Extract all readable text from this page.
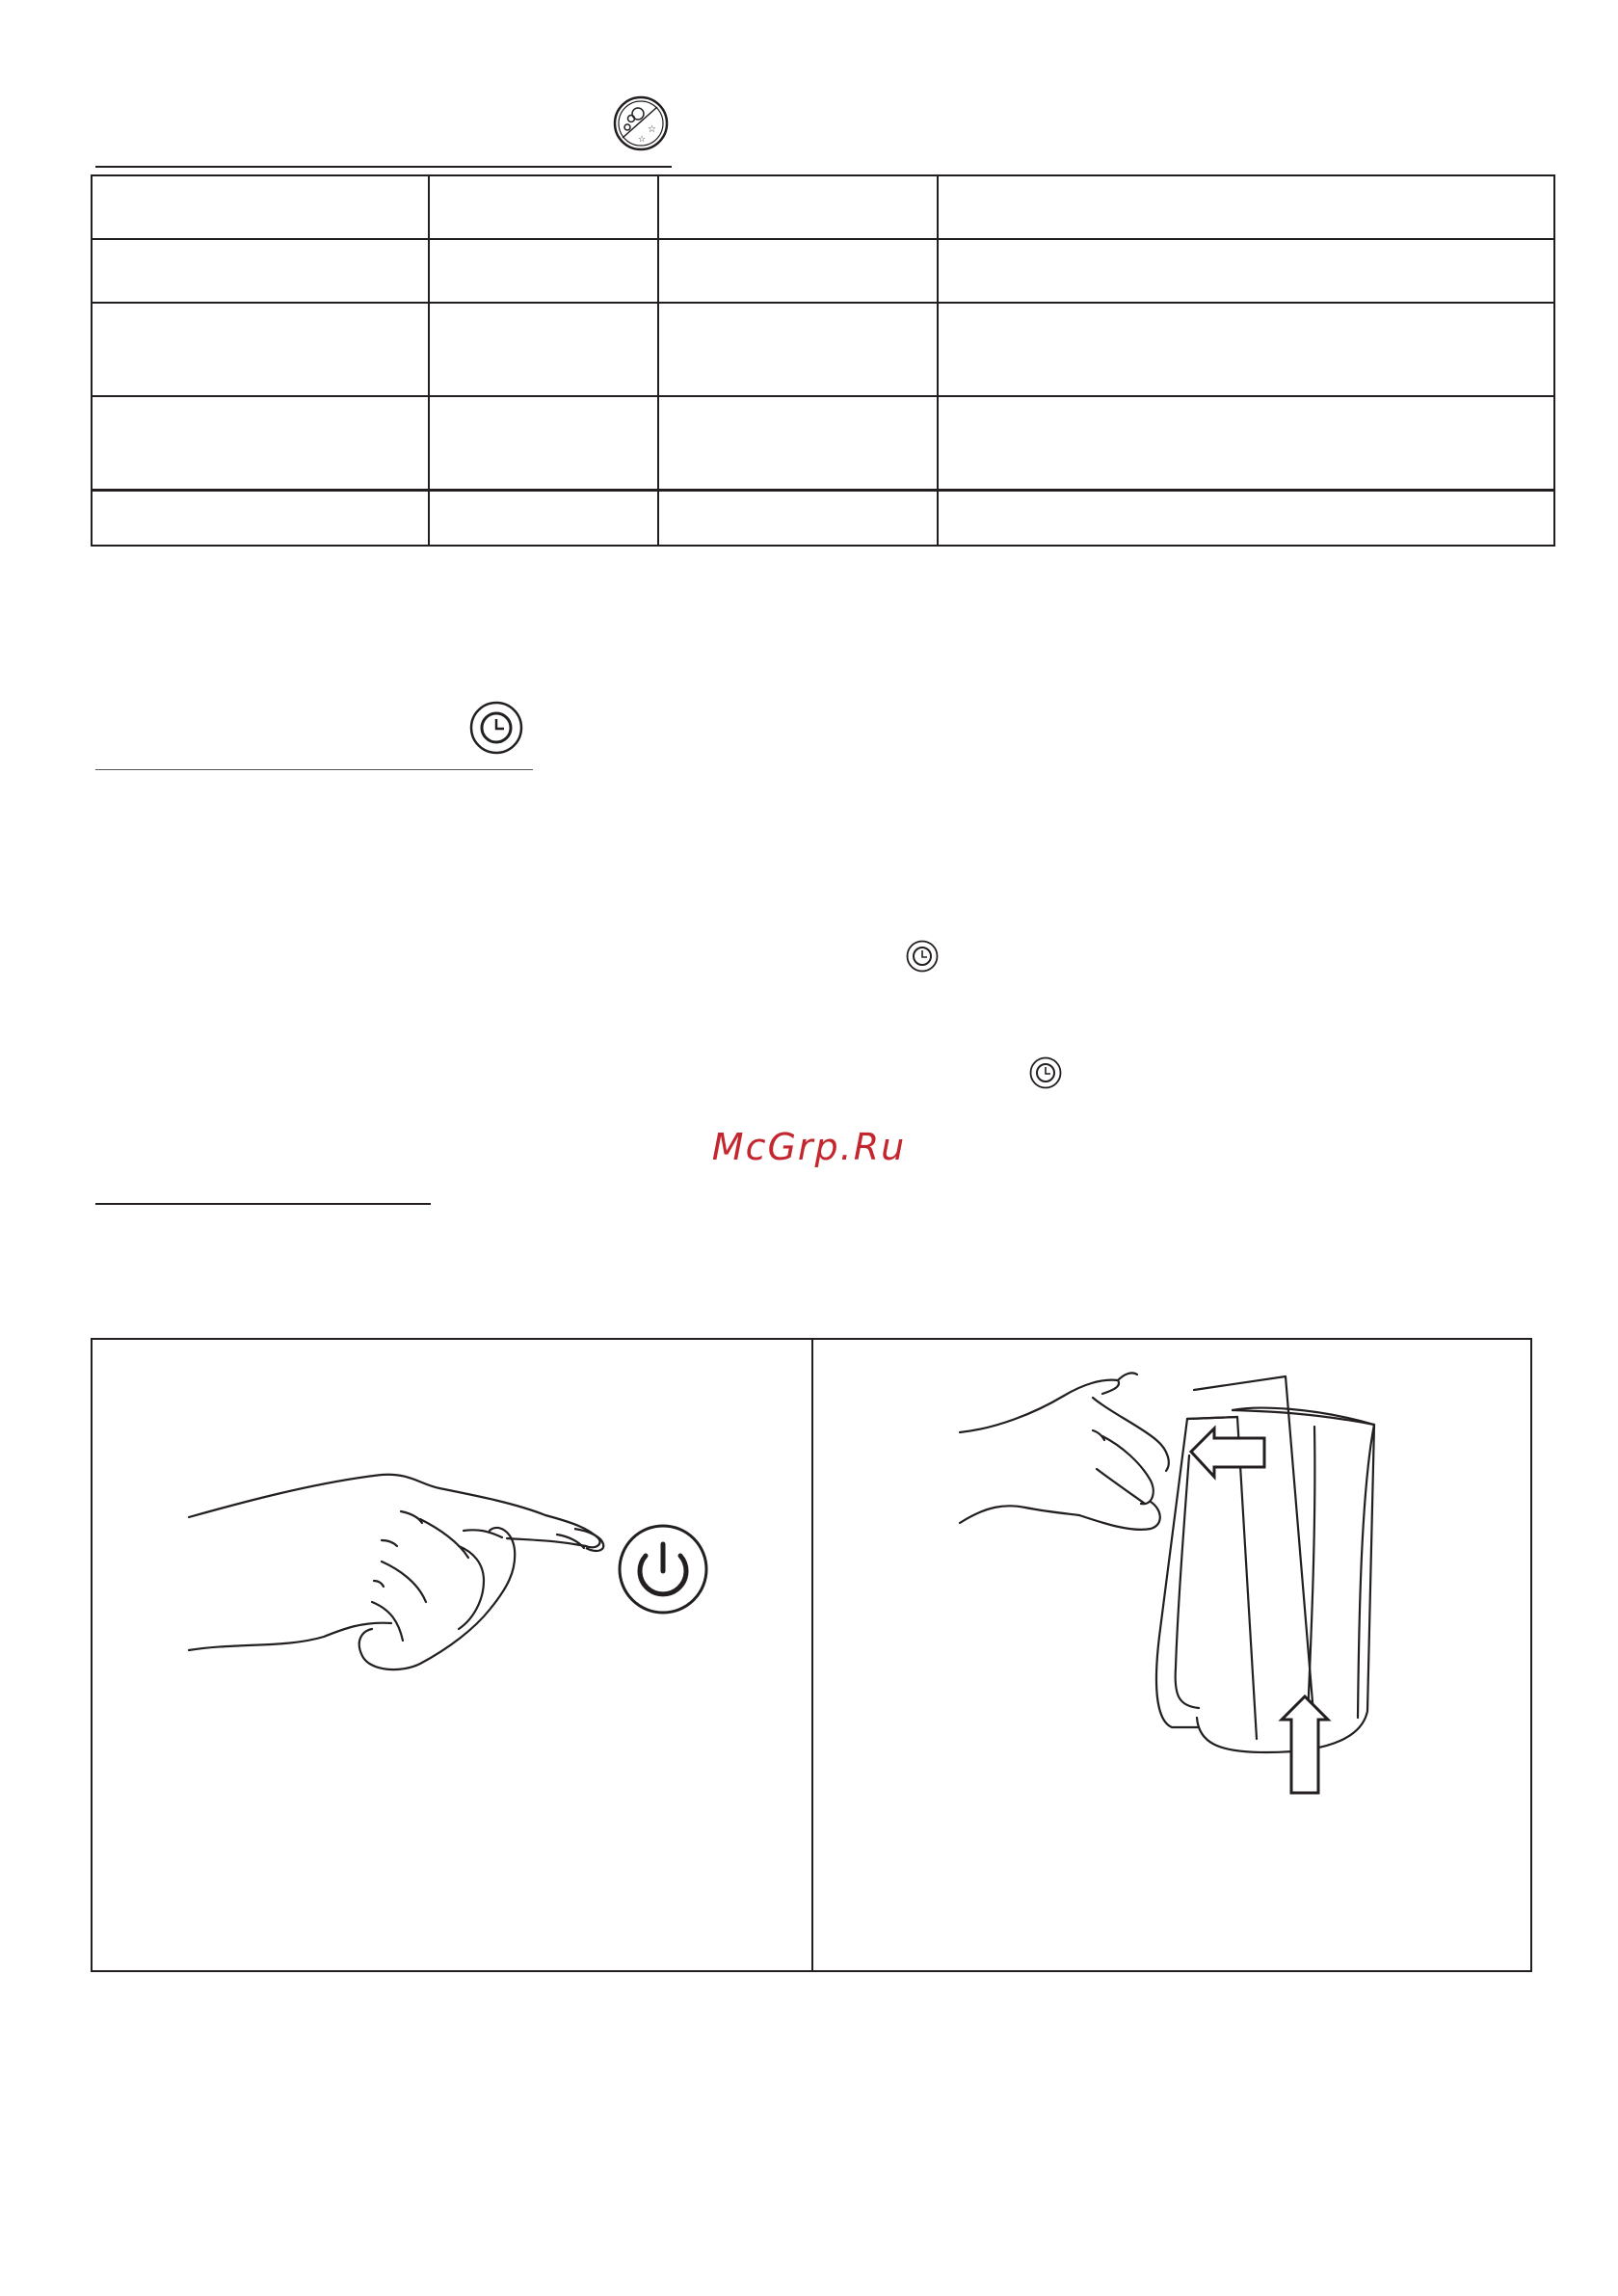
☆
☆

McGrp.Ru
